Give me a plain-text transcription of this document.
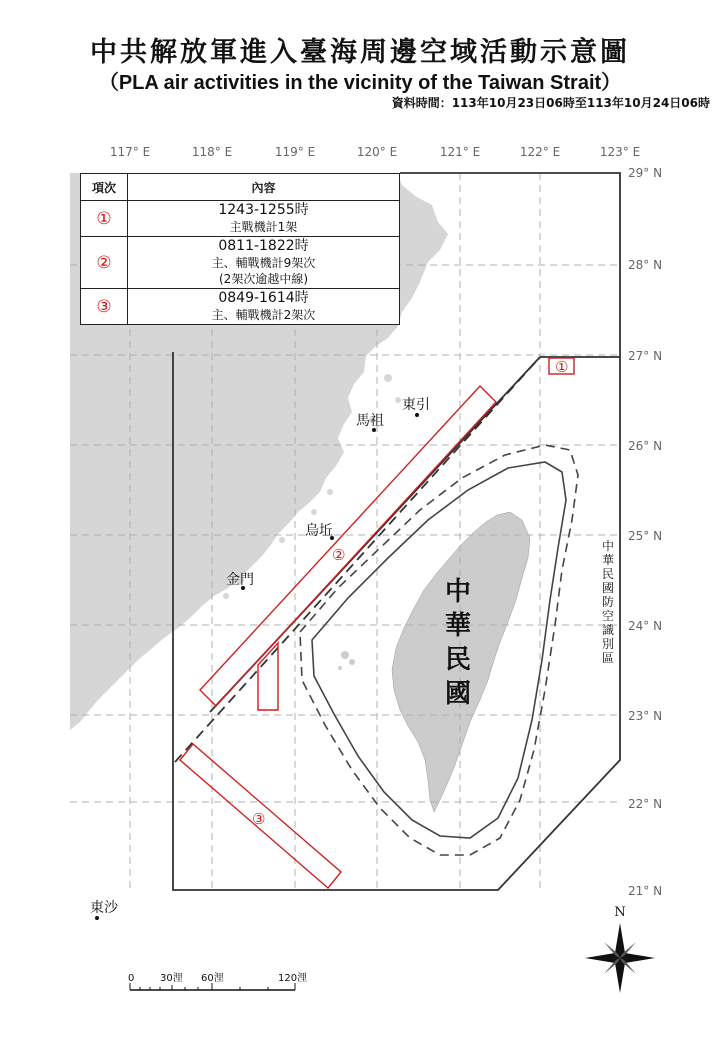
中共解放軍進入臺海周邊空域活動示意圖
（PLA air activities in the vicinity of the Taiwan Strait）
資料時間：113年10月23日06時至113年10月24日06時
①
②
③
馬祖
東引
烏坵
金門
東沙
中華民國
中華民國防空識別區
117° E	118° E	119° E	120° E	121° E	122° E	123° E
29° N
28° N
27° N
26° N
25° N
24° N
23° N
22° N
21° N
N
0	30浬 60浬	120浬
項次	內容
①	1243-1255時
主戰機計1架

②	0811-1822時
主、輔戰機計9架次
(2架次逾越中線)

③	0849-1614時
主、輔戰機計2架次
